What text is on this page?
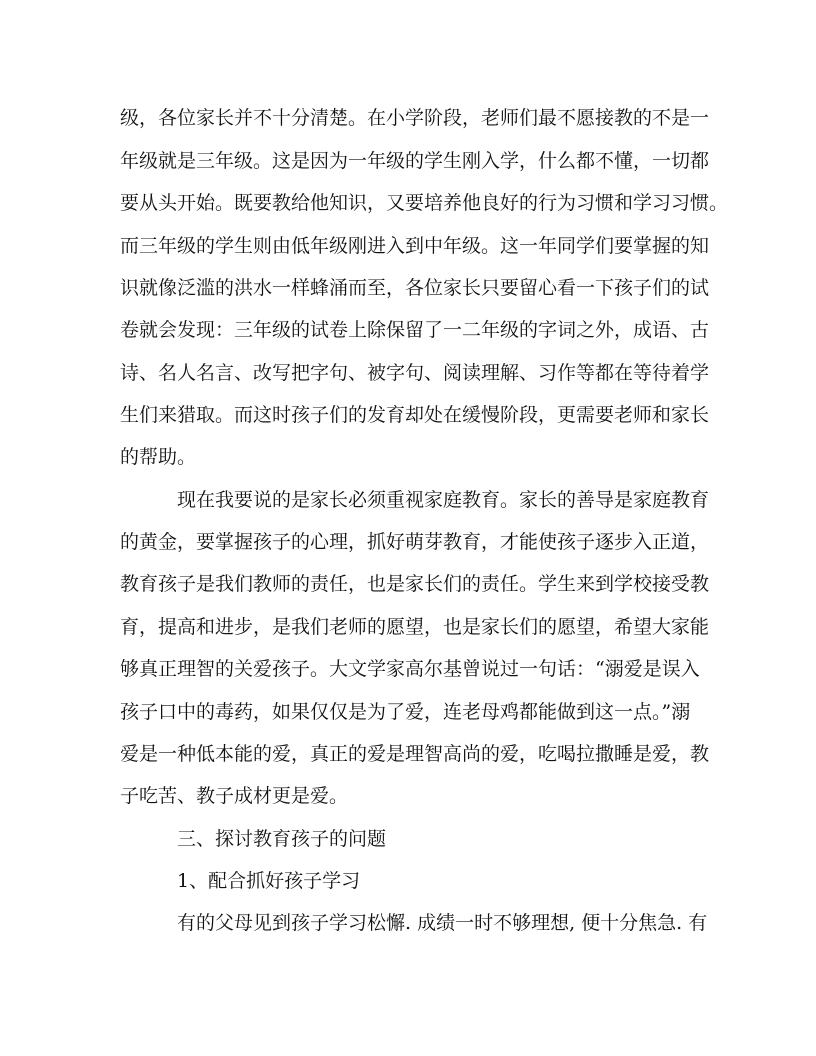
级，各位家长并不十分清楚。在小学阶段，老师们最不愿接教的不是一
年级就是三年级。这是因为一年级的学生刚入学，什么都不懂，一切都
要从头开始。既要教给他知识，又要培养他良好的行为习惯和学习习惯。
而三年级的学生则由低年级刚进入到中年级。这一年同学们要掌握的知
识就像泛滥的洪水一样蜂涌而至，各位家长只要留心看一下孩子们的试
卷就会发现：三年级的试卷上除保留了一二年级的字词之外，成语、古
诗、名人名言、改写把字句、被字句、阅读理解、习作等都在等待着学
生们来猎取。而这时孩子们的发育却处在缓慢阶段，更需要老师和家长
的帮助。
现在我要说的是家长必须重视家庭教育。家长的善导是家庭教育
的黄金，要掌握孩子的心理，抓好萌芽教育，才能使孩子逐步入正道，
教育孩子是我们教师的责任，也是家长们的责任。学生来到学校接受教
育，提高和进步，是我们老师的愿望，也是家长们的愿望，希望大家能
够真正理智的关爱孩子。大文学家高尔基曾说过一句话：“溺爱是误入
孩子口中的毒药，如果仅仅是为了爱，连老母鸡都能做到这一点。”溺
爱是一种低本能的爱，真正的爱是理智高尚的爱，吃喝拉撒睡是爱，教
子吃苦、教子成材更是爱。
三、探讨教育孩子的问题
1、配合抓好孩子学习
有的父母见到孩子学习松懈. 成绩一时不够理想, 便十分焦急. 有
